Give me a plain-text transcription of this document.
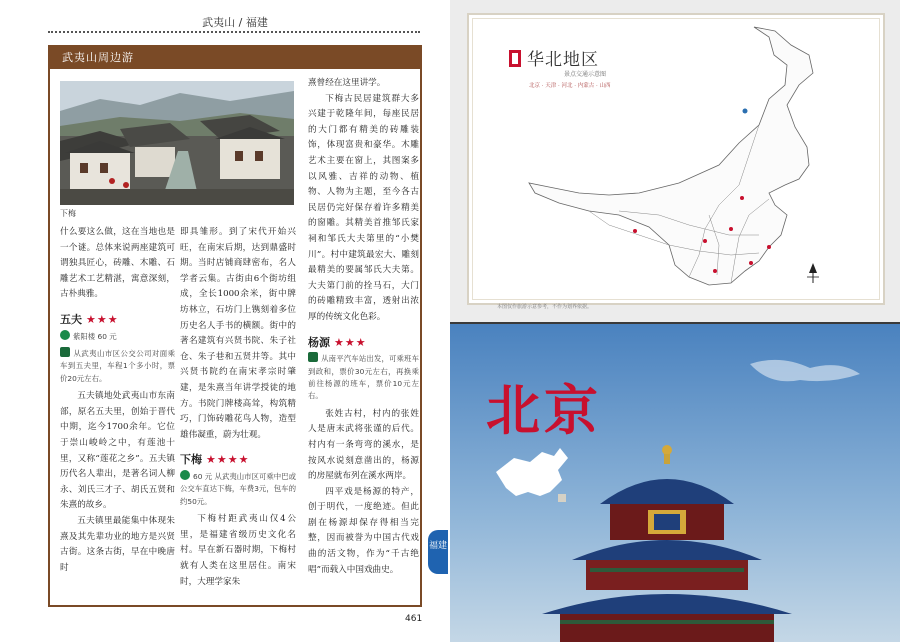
武夷山 / 福建
武夷山周边游
下梅

什么要这么做，这在当地也是一个谜。总体来说两座建筑可谓独具匠心，砖雕、木雕、石雕艺术工艺精湛，寓意深刻，古朴典雅。

五夫 ★★★
紫阳楼 60 元
从武夷山市区公交公司对面乘车到五夫里，车程1个多小时，票价20元左右。

五夫镇地处武夷山市东南部，原名五夫里，创始于晋代中期，迄今1700余年。它位于崇山峻岭之中，有莲池十里，又称“莲花之乡”。五夫镇历代名人辈出，是著名词人柳永、刘氏三才子、胡氏五贤和朱熹的故乡。

五夫镇里最能集中体现朱熹及其先辈功业的地方是兴贤古街。这条古街，早在中晚唐时

即具雏形。到了宋代开始兴旺，在南宋后期，达到鼎盛时期。当时店铺商肆密布，名人学者云集。古街由6个街坊组成，全长1000余米，街中牌坊林立，石坊门上镌刻着多位历史名人手书的横额。街中的著名建筑有兴贤书院、朱子社仓、朱子巷和五贤井等。其中兴贤书院约在南宋孝宗时肇建，是朱熹当年讲学授徒的地方。书院门牌楼高耸，构筑精巧，门饰砖雕花鸟人物，造型雄伟凝重，蔚为壮观。

下梅 ★★★★
60 元 从武夷山市区可乘中巴或公交车直达下梅，车费3元，包车的约50元。

下梅村距武夷山仅4公里，是福建省级历史文化名村。早在新石器时期，下梅村就有人类在这里居住。南宋时，大理学家朱

熹曾经在这里讲学。

下梅古民居建筑群大多兴建于乾隆年间，每座民居的大门都有精美的砖雕装饰，体现富贵和豪华。木雕艺术主要在窗上，其图案多以风雅、吉祥的动物、植物、人物为主题，至今各古民居仍完好保存着许多精美的窗雕。其精美首推邹氏家祠和邹氏大夫第里的“小樊川”。村中建筑最宏大、雕刻最精美的要属邹氏大夫第。大夫第门前的拴马石，大门的砖雕精致丰富，透射出浓厚的传统文化色彩。

杨源 ★★★
从南平汽车站出发，可乘班车到政和，票价30元左右，再换乘前往杨源的班车，票价10元左右。

张姓古村，村内的张姓人是唐末武将张谨的后代。村内有一条弯弯的溪水，是按风水说刻意凿出的，杨源的房屋就布列在溪水两岸。

四平戏是杨源的特产，创于明代，一度绝迹。但此剧在杨源却保存得相当完整，因而被誉为中国古代戏曲的活文物，作为“千古绝唱”而载入中国戏曲史。

461
福建
华北地区
景点交通示意图
北京 · 天津 · 河北 · 内蒙古 · 山西
本图仅作旅游示意参考，不作为划界依据。
北京
